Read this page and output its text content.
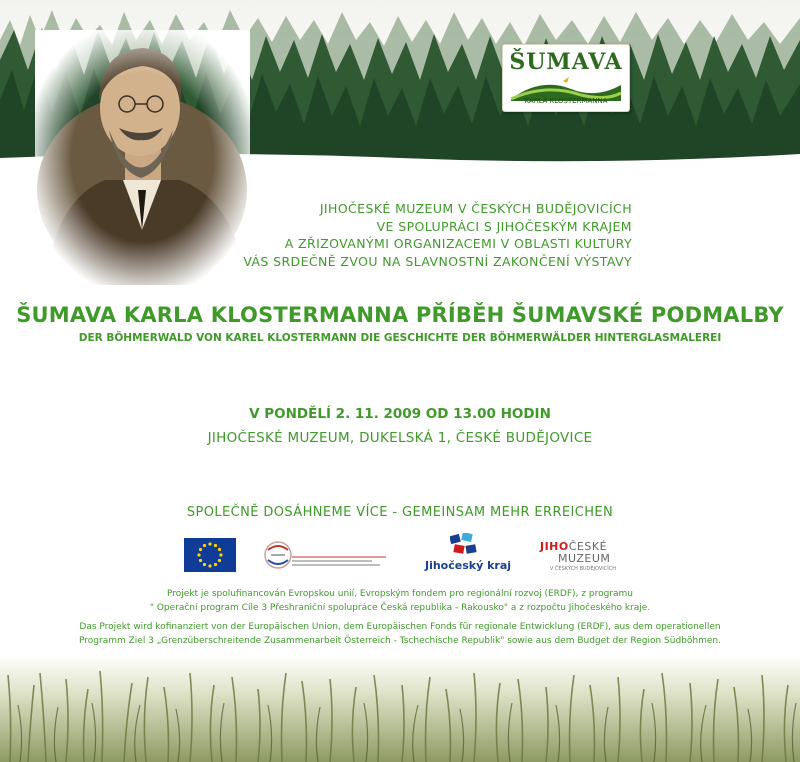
ŠUMAVA
KARLA KLOSTERMANNA
JIHOČESKÉ MUZEUM V ČESKÝCH BUDĚJOVICÍCH
VE SPOLUPRÁCI S JIHOČESKÝM KRAJEM
A ZŘIZOVANÝMI ORGANIZACEMI V OBLASTI KULTURY
VÁS SRDEČNĚ ZVOU NA SLAVNOSTNÍ ZAKONČENÍ VÝSTAVY
ŠUMAVA KARLA KLOSTERMANNA PŘÍBĚH ŠUMAVSKÉ PODMALBY
DER BÖHMERWALD VON KAREL KLOSTERMANN DIE GESCHICHTE DER BÖHMERWÄLDER HINTERGLASMALEREI
V PONDĚLÍ 2. 11. 2009 OD 13.00 HODIN
JIHOČESKÉ MUZEUM, DUKELSKÁ 1, ČESKÉ BUDĚJOVICE
SPOLEČNĚ DOSÁHNEME VÍCE - GEMEINSAM MEHR ERREICHEN
Jihočeský kraj
JIHOČESKÉ
MUZEUM
V ČESKÝCH BUDĚJOVICÍCH
Projekt je spolufinancován Evropskou unií, Evropským fondem pro regionální rozvoj (ERDF), z programu
" Operační program Cíle 3 Přeshraniční spolupráce Česká republika - Rakousko" a z rozpočtu Jihočeského kraje.
Das Projekt wird kofinanziert von der Europäischen Union, dem Europäischen Fonds für regionale Entwicklung (ERDF), aus dem operationellen
Programm Ziel 3 „Grenzüberschreitende Zusammenarbeit Österreich - Tschechische Republik" sowie aus dem Budget der Region Südböhmen.
